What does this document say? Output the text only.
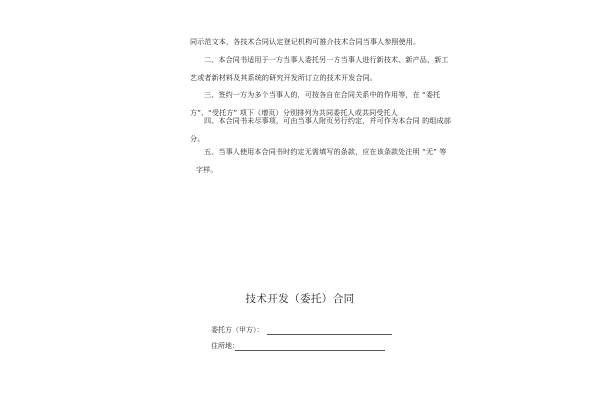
同示范文本，各技术合同认定登记机构可推介技术合同当事人参照使用。
二、本合同书适用于一方当事人委托另一方当事人进行新技术、新产品、新工
艺或者新材料及其系统的研究开发所订立的技术开发合同。
三、签约一方为多个当事人的，可按各自在合同关系中的作用等，在 “委托
方”、“受托方” 项下（增页）分别排列为共同委托人或共同受托人
四、本合同书未尽事项，可由当事人附页另行约定，并可作为本合同 的组成部
分。
五、当事人使用本合同书时约定无需填写的条款，应在该条款处注明 “无” 等
字样。
技术开发（委托）合同
委托方（甲方）：
住所地：
